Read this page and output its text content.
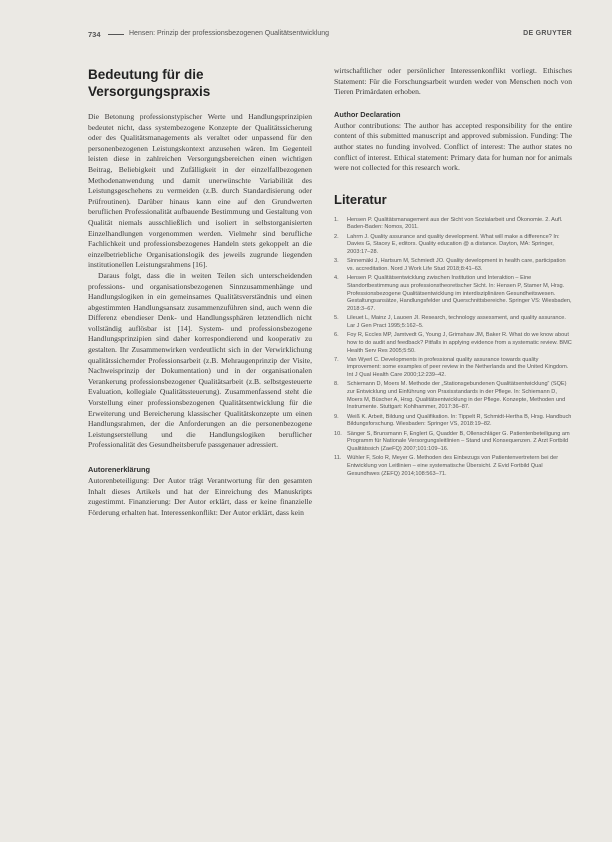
734	Hensen: Prinzip der professionsbezogenen Qualitätsentwicklung	DE GRUYTER
Bedeutung für die
Versorgungspraxis

Die Betonung professionstypischer Werte und Handlungsprinzipien bedeutet nicht, dass systembezogene Konzepte der Qualitätssicherung oder des Qualitätsmanagements als veraltet oder unpassend für den personenbezogenen Leistungskontext anzusehen wären. Im Gegenteil leisten diese in zahlreichen Versorgungsbereichen einen wichtigen Beitrag, Beliebigkeit und Zufälligkeit in der einzelfallbezogenen Methodenanwendung und damit unerwünschte Variabilität des Leistungsgeschehens zu vermeiden (z.B. durch Standardisierung oder Prüfroutinen). Darüber hinaus kann eine auf den Grundwerten beruflichen Professionalität aufbauende Bestimmung und Gestaltung von Qualität niemals ausschließlich und isoliert in selbstorganisierten Einzelhandlungen vorgenommen werden. Vielmehr sind berufliche Fachlichkeit und professionsbezogenes Handeln stets gekoppelt an die einzelbetriebliche Organisationslogik des jeweils zugrunde liegenden institutionellen Leistungsrahmens [16].

Daraus folgt, dass die in weiten Teilen sich unterscheidenden professions- und organisationsbezogenen Sinnzusammenhänge und Handlungslogiken in ein gemeinsames Qualitätsverständnis und einen abgestimmten Handlungsansatz zusammenzuführen sind, auch wenn die Differenz ebendieser Denk- und Handlungssphären letztendlich nicht vollständig auflösbar ist [14]. System- und professionsbezogene Handlungsprinzipien sind daher korrespondierend und kooperativ zu gestalten. Ihr Zusammenwirken verdeutlicht sich in der Verwirklichung qualitätssichernder Professionsarbeit (z.B. Mehraugenprinzip der Visite, Nachweisprinzip der Dokumentation) und in der organisationalen Verankerung professionsbezogener Qualitätsarbeit (z.B. selbstgesteuerte Evaluation, kollegiale Qualitätssteuerung). Zusammenfassend steht die Vorstellung einer professionsbezogenen Qualitätsentwicklung für die Erweiterung und Bereicherung klassischer Qualitätskonzepte um einen Handlungsrahmen, der die Anforderungen an die personenbezogene Leistungserstellung und die Handlungslogiken beruflicher Professionalität des Gesundheitsberufe passgenauer adressiert.

Autorenerklärung

Autorenbeteiligung: Der Autor trägt Verantwortung für den gesamten Inhalt dieses Artikels und hat der Einreichung des Manuskripts zugestimmt. Finanzierung: Der Autor erklärt, dass er keine finanzielle Förderung erhalten hat. Interessenkonflikt: Der Autor erklärt, dass kein

wirtschaftlicher oder persönlicher Interessenkonflikt vorliegt. Ethisches Statement: Für die Forschungsarbeit wurden weder von Menschen noch von Tieren Primärdaten erhoben.

Author Declaration

Author contributions: The author has accepted responsibility for the entire content of this submitted manuscript and approved submission. Funding: The author states no funding involved. Conflict of interest: The author states no conflict of interest. Ethical statement: Primary data for human nor for animals were not collected for this research work.

Literatur
1. Hensen P. Qualitätsmanagement aus der Sicht von Sozialarbeit und Ökonomie. 2. Aufl. Baden-Baden: Nomos, 2011.
2. Lahrm J. Quality assurance and quality development. What will make a difference? In: Davies G, Stacey E, editors. Quality education @ a distance. Dayton, MA: Springer, 2003:17–28.
3. Sinnemäki J, Hartsum M, Schmiedt JO. Quality development in health care, participation vs. accreditation. Nord J Work Life Stud 2018;8:41–63.
4. Hensen P. Qualitätsentwicklung zwischen Institution und Interaktion – Eine Standortbestimmung aus professionstheoretischer Sicht. In: Hensen P, Stamer M, Hrsg. Professionsbezogene Qualitätsentwicklung im interdisziplinären Gesundheitswesen. Gestaltungsansätze, Handlungsfelder und Querschnittsbereiche. Springer VS: Wiesbaden, 2018:3–67.
5. Lileuet L, Mainz J, Lauoen JI. Research, technology assessment, and quality assurance. Lar J Gen Pract 1995;5:162–5.
6. Foy R, Eccles MP, Jamtvedt G, Young J, Grimshaw JM, Baker R. What do we know about how to do audit and feedback? Pitfalls in applying evidence from a systematic review. BMC Health Serv Res 2005;5:50.
7. Van Wyerl C. Developments in professional quality assurance towards quality improvement: some examples of peer review in the Netherlands and the United Kingdom. Int J Qual Health Care 2000;12:239–42.
8. Schiemann D, Moers M. Methode der „Stationsgebundenen Qualitätsentwicklung“ (SQE) zur Entwicklung und Einführung von Praxisstandards in der Pflege. In: Schiemann D, Moers M, Büscher A, Hrsg. Qualitätsentwicklung in der Pflege. Konzepte, Methoden und Instrumente. Stuttgart: Kohlhammer, 2017:36–87.
9. Weiß K. Arbeit, Bildung und Qualifikation. In: Tippelt R, Schmidt-Hertha B, Hrsg. Handbuch Bildungsforschung. Wiesbaden: Springer VS, 2018:19–82.
10. Sänger S, Brunsmann F, Englert G, Quadder B, Ollenschläger G. Patientenbeteiligung am Programm für Nationale Versorgungsleitlinien – Stand und Konsequenzen. Z Arzt Fortbild Qualitätssich (ZaeFQ) 2007;101:109–16.
11. Wühler F, Solo R, Meyer G. Methoden des Einbezugs von Patientenvertretern bei der Entwicklung von Leitlinien – eine systematische Übersicht. Z Evid Fortbild Qual Gesundhwes (ZEFQ) 2014;108:563–71.
